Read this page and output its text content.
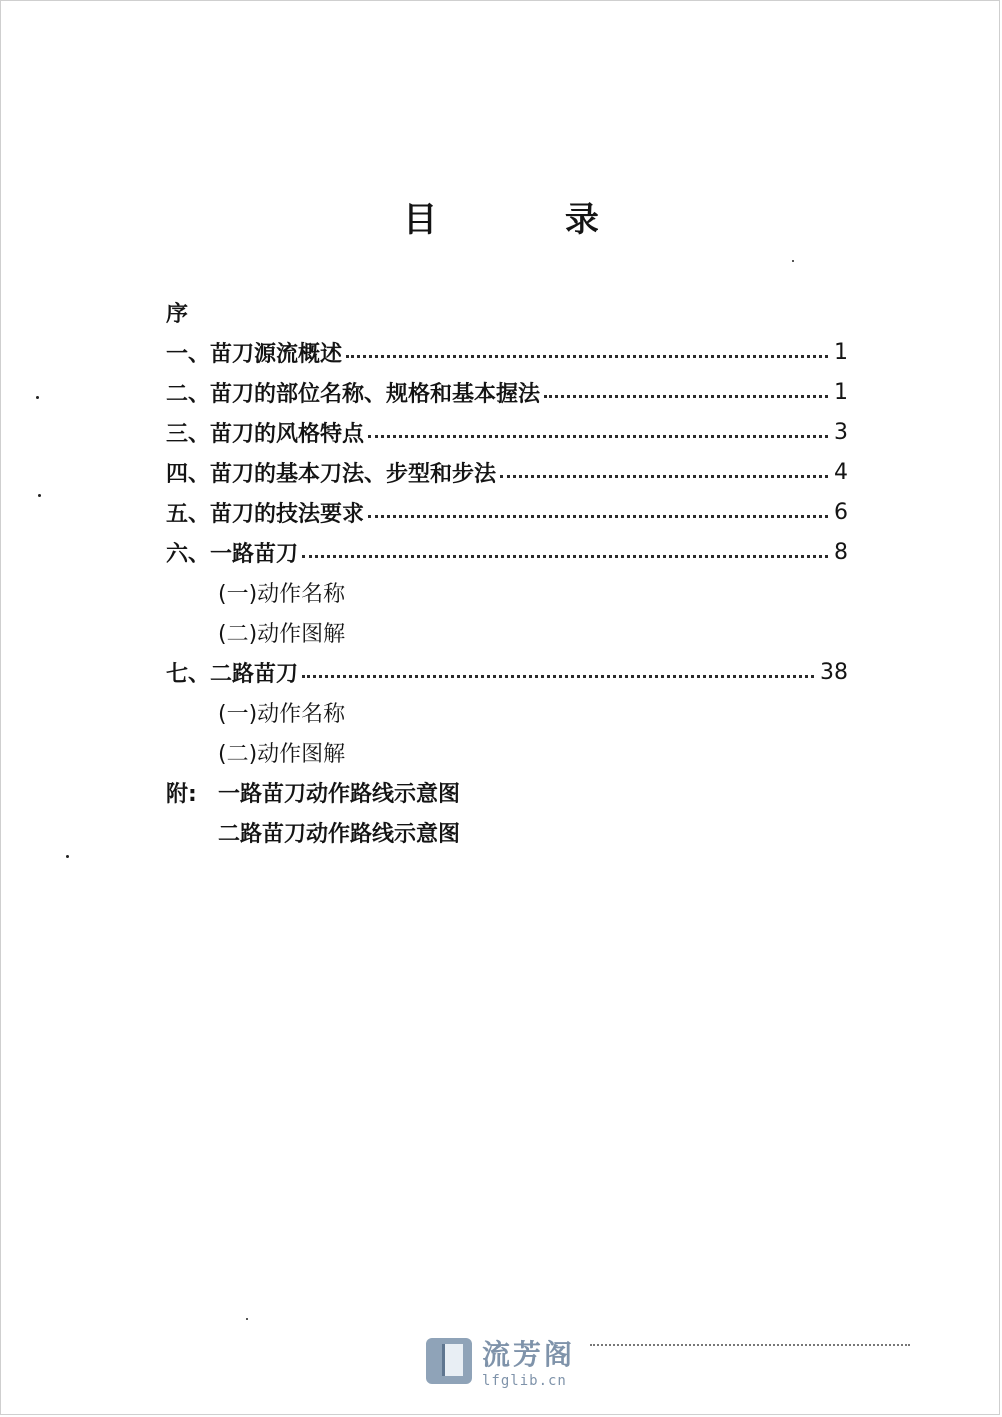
目 录
序
一、 苗刀源流概述	1
二、 苗刀的部位名称、规格和基本握法	1
三、 苗刀的风格特点	3
四、 苗刀的基本刀法、步型和步法	4
五、 苗刀的技法要求	6
六、 一路苗刀	8
(一)动作名称
(二)动作图解
七、 二路苗刀	38
(一)动作名称
(二)动作图解
附: 一路苗刀动作路线示意图
二路苗刀动作路线示意图
流芳阁
lfglib.cn
